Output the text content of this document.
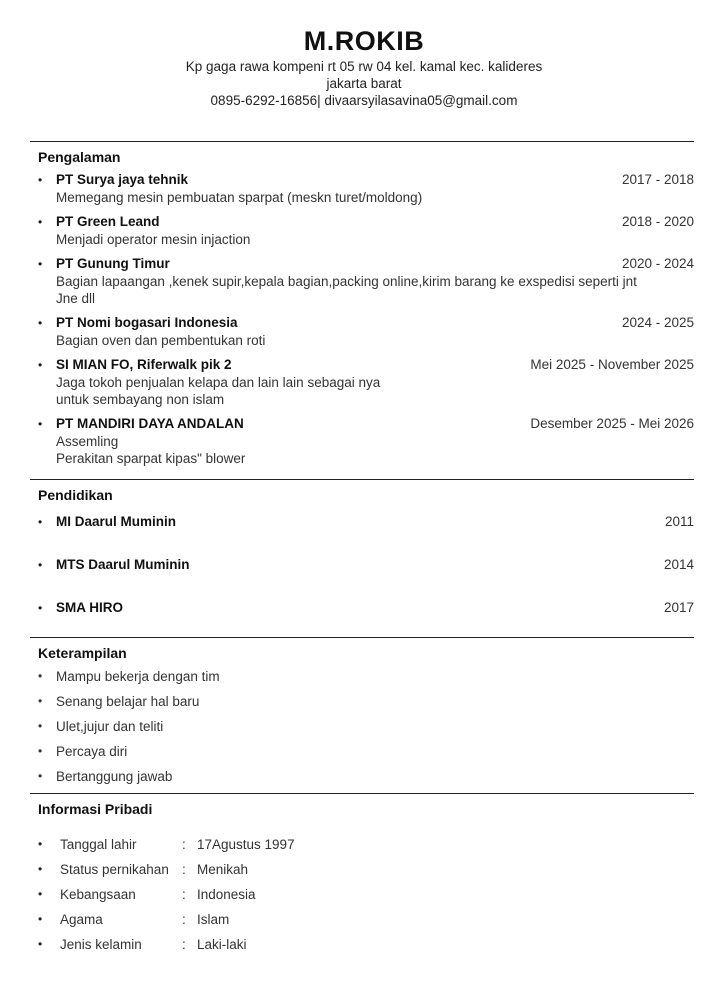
M.ROKIB
Kp gaga rawa kompeni rt 05 rw 04 kel. kamal kec. kalideres
jakarta barat
0895-6292-16856| divaarsyilasavina05@gmail.com
Pengalaman
• PT Surya jaya tehnik	2017 - 2018
Memegang mesin pembuatan sparpat (meskn turet/moldong)
• PT Green Leand	2018 - 2020
Menjadi operator mesin injaction
• PT Gunung Timur	2020 - 2024
Bagian lapaangan ,kenek supir,kepala bagian,packing online,kirim barang ke exspedisi seperti jnt
Jne dll
• PT Nomi bogasari Indonesia	2024 - 2025
Bagian oven dan pembentukan roti
• SI MIAN FO, Riferwalk pik 2	Mei 2025 - November 2025
Jaga tokoh penjualan kelapa dan lain lain sebagai nya
untuk sembayang non islam
• PT MANDIRI DAYA ANDALAN	Desember 2025 - Mei 2026
Assemling
Perakitan sparpat kipas" blower
Pendidikan
• MI Daarul Muminin	2011
• MTS Daarul Muminin	2014
• SMA HIRO	2017
Keterampilan
• Mampu bekerja dengan tim
• Senang belajar hal baru
• Ulet,jujur dan teliti
• Percaya diri
• Bertanggung jawab
Informasi Pribadi
• Tanggal lahir	: 17Agustus 1997
• Status pernikahan : Menikah
• Kebangsaan	: Indonesia
• Agama	: Islam
• Jenis kelamin	: Laki-laki
